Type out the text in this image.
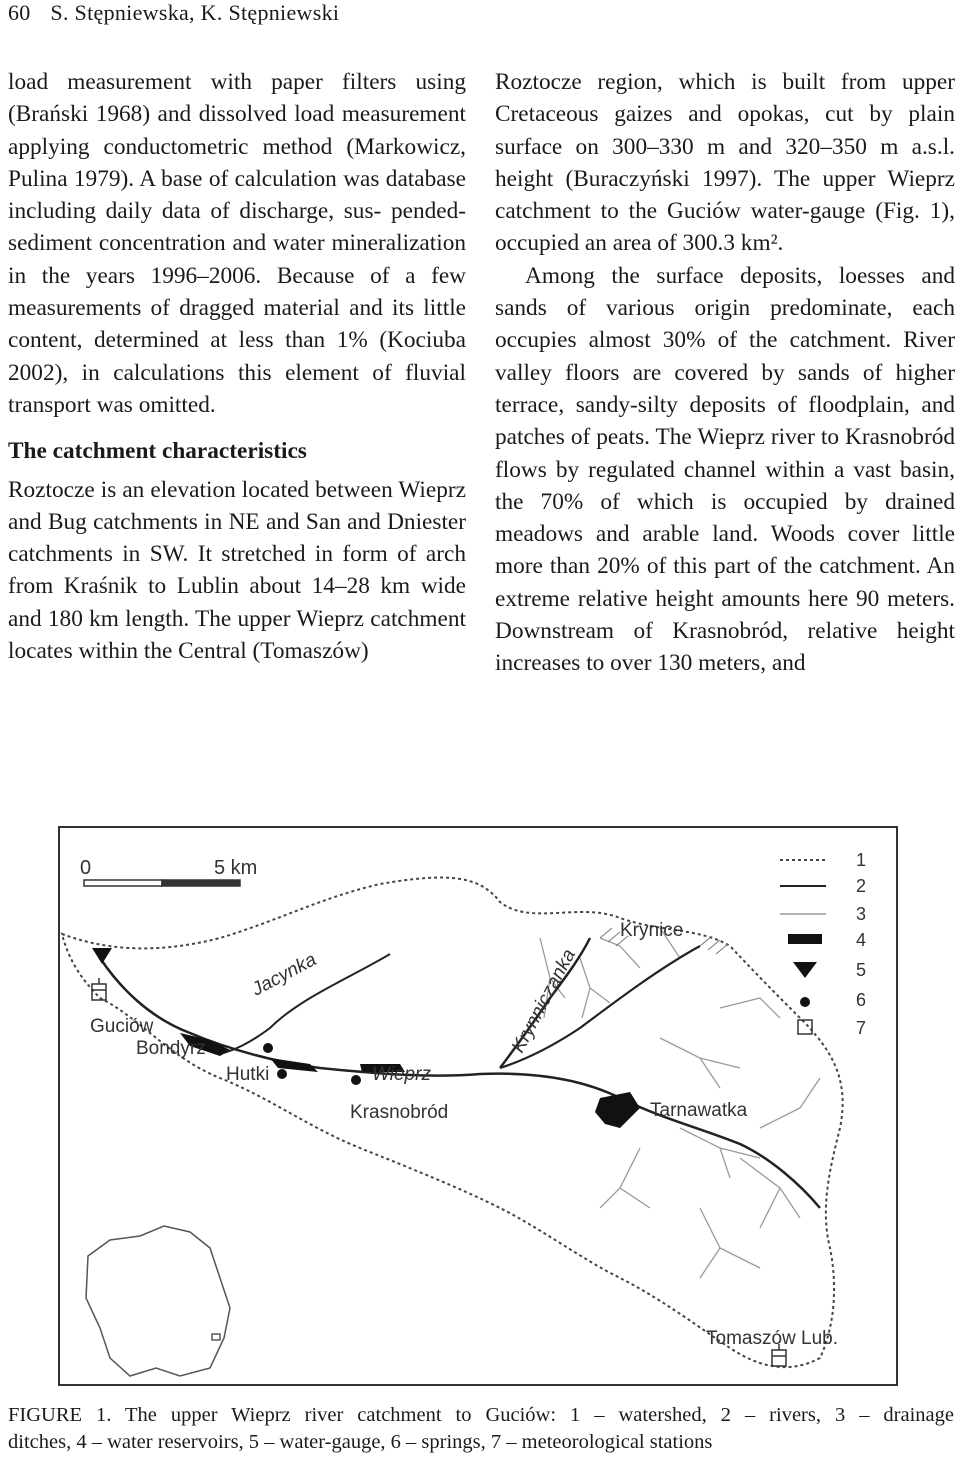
60 S. Stępniewska, K. Stępniewski

load measurement with paper filters using (Brański 1968) and dissolved load measurement applying conductometric method (Markowicz, Pulina 1979). A base of calculation was database including daily data of discharge, sus- pended-sediment concentration and water mineralization in the years 1996–2006. Because of a few measurements of dragged material and its little content, determined at less than 1% (Kociuba 2002), in calculations this element of fluvial transport was omitted.

The catchment characteristics

Roztocze is an elevation located between Wieprz and Bug catchments in NE and San and Dniester catchments in SW. It stretched in form of arch from Kraśnik to Lublin about 14–28 km wide and 180 km length. The upper Wieprz catchment locates within the Central (Tomaszów)

Roztocze region, which is built from upper Cretaceous gaizes and opokas, cut by plain surface on 300–330 m and 320–350 m a.s.l. height (Buraczyński 1997). The upper Wieprz catchment to the Guciów water-gauge (Fig. 1), occupied an area of 300.3 km².

Among the surface deposits, loesses and sands of various origin predominate, each occupies almost 30% of the catchment. River valley floors are covered by sands of higher terrace, sandy-silty deposits of floodplain, and patches of peats. The Wieprz river to Krasnobród flows by regulated channel within a vast basin, the 70% of which is occupied by drained meadows and arable land. Woods cover little more than 20% of this part of the catchment. An extreme relative height amounts here 90 meters. Downstream of Krasnobród, relative height increases to over 130 meters, and

0	5 km
Guciów
Bondyrz
Hutki
Krasnobród	Tarnawatka
Krynice
Tomaszów Lub.
Jacynka
Wieprz
Krynniczanka
1
2
3
4
5
6
7
FIGURE 1. The upper Wieprz river catchment to Guciów: 1 – watershed, 2 – rivers, 3 – drainage
ditches, 4 – water reservoirs, 5 – water-gauge, 6 – springs, 7 – meteorological stations
